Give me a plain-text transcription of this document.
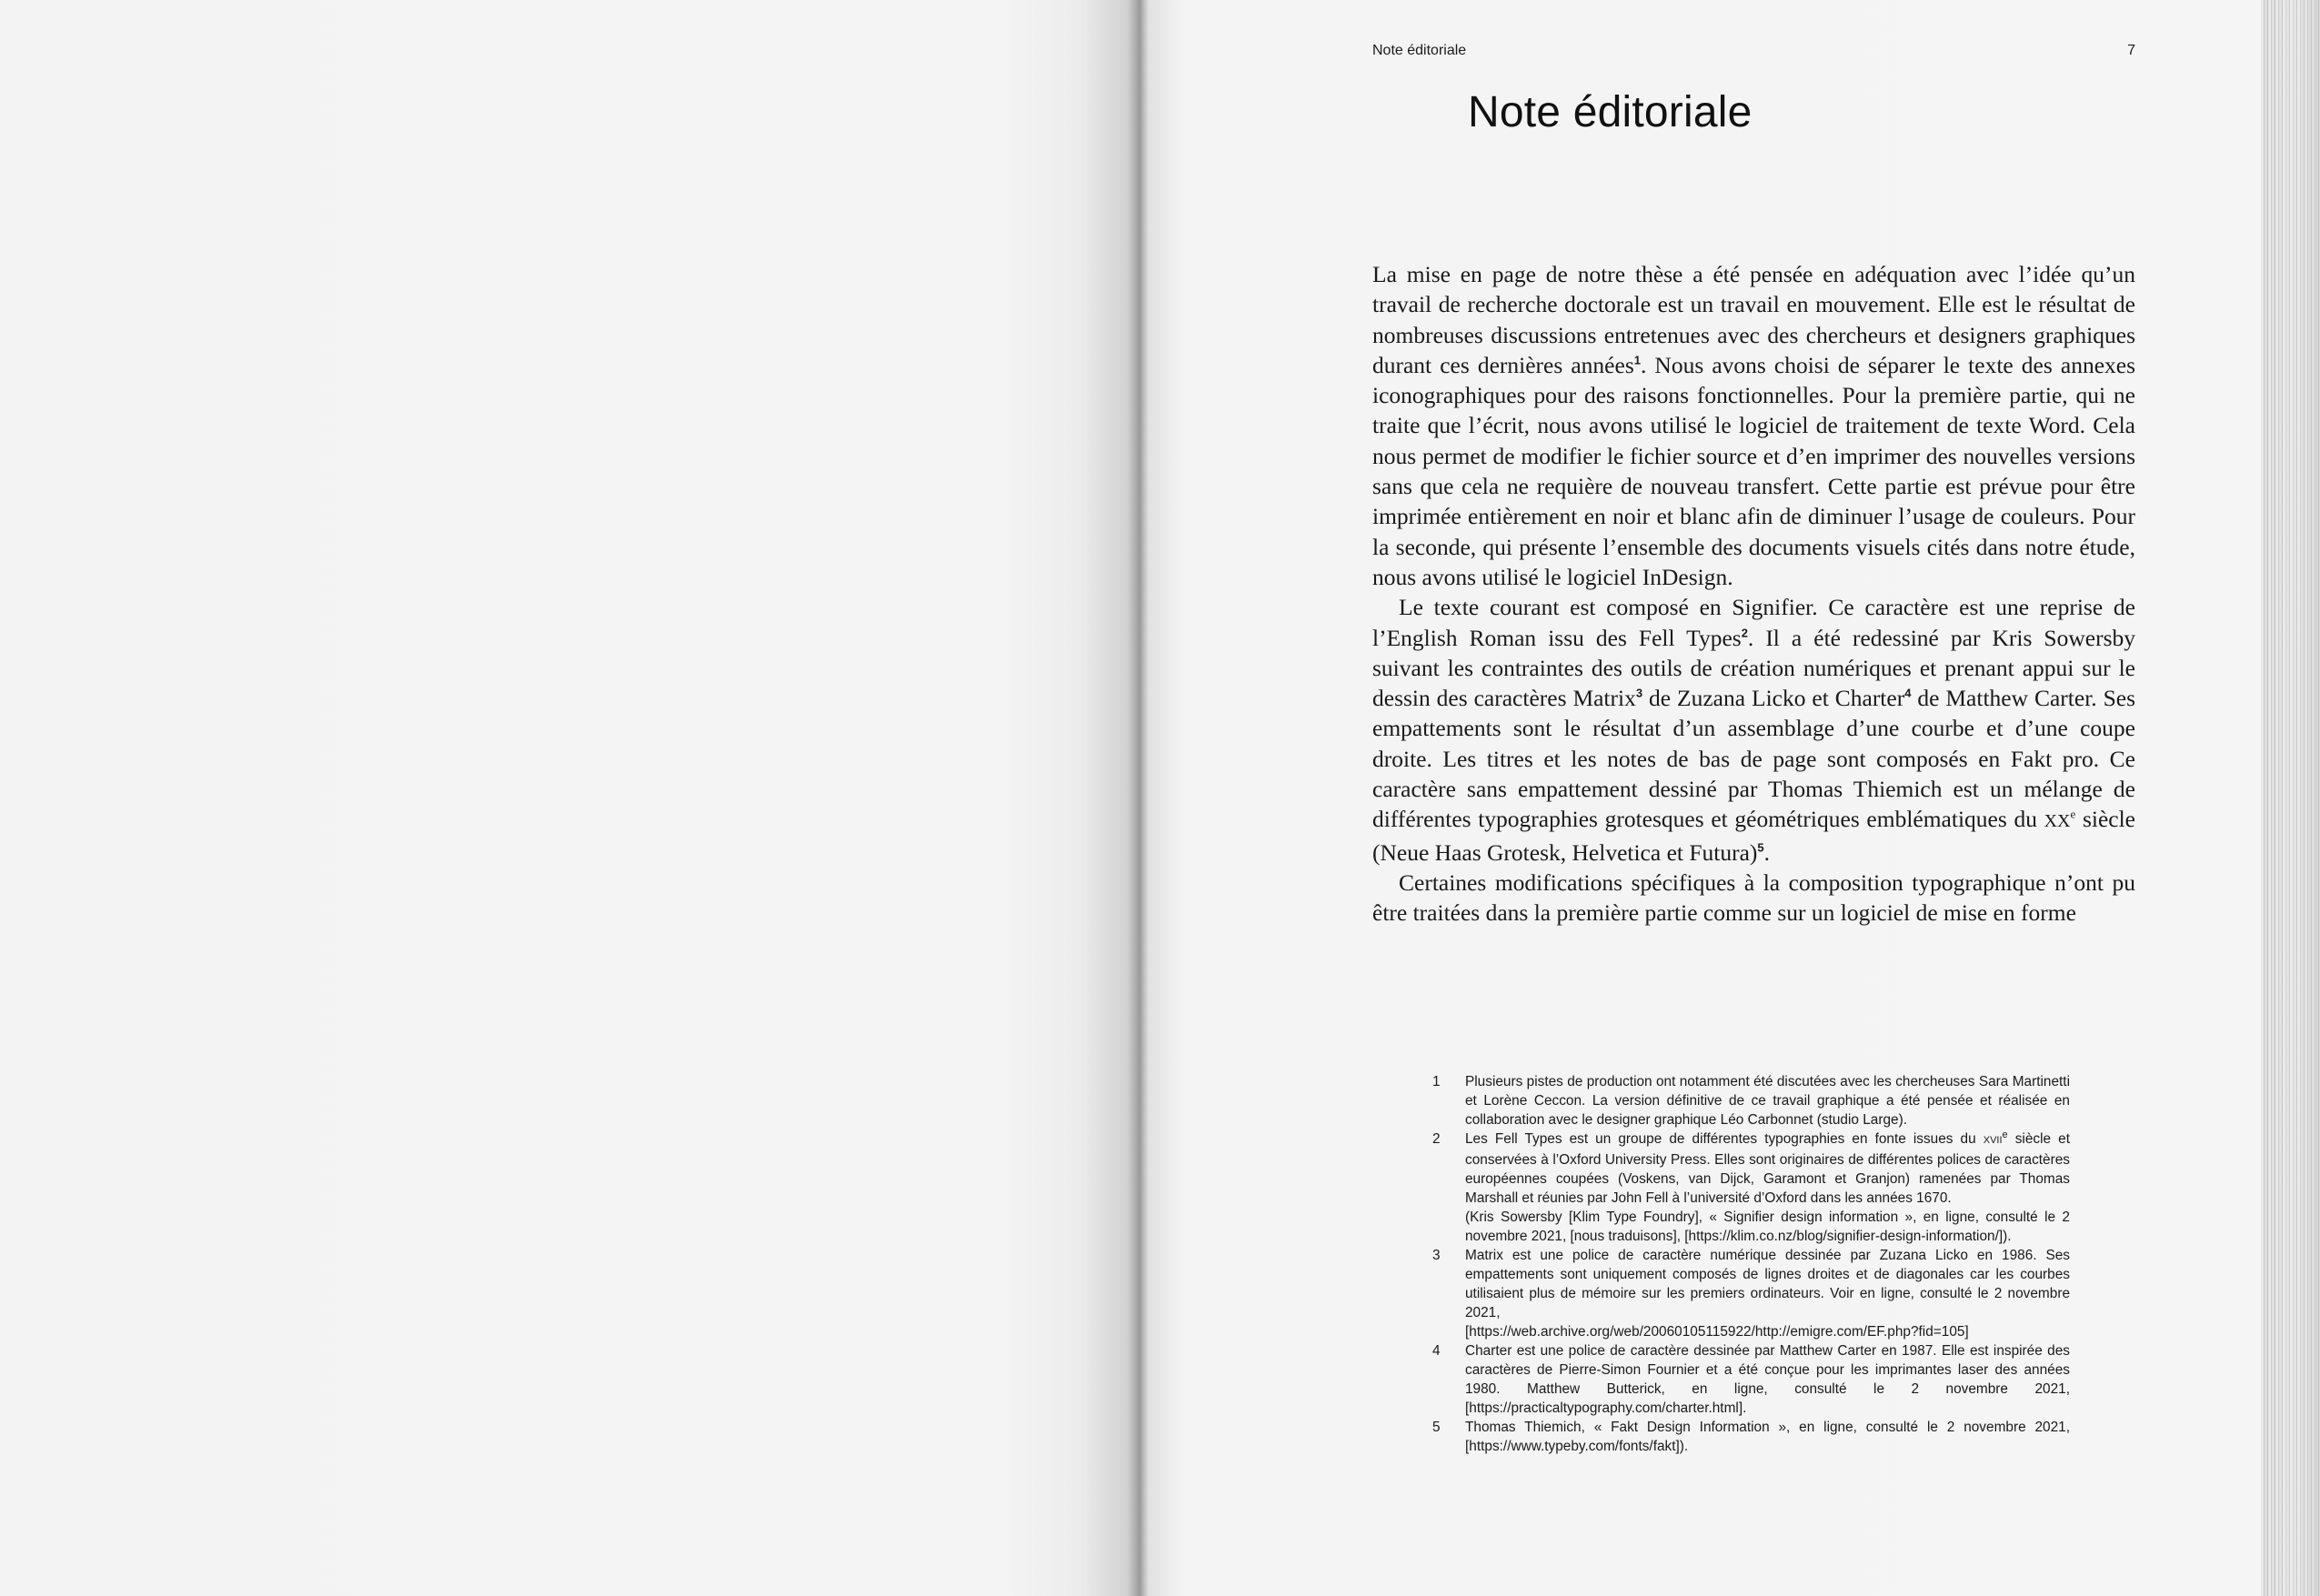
Note éditoriale	7
Note éditoriale

La mise en page de notre thèse a été pensée en adéquation avec l’idée qu’un travail de recherche doctorale est un travail en mouvement. Elle est le résultat de nombreuses discussions entretenues avec des chercheurs et designers graphiques durant ces dernières années$^1$. Nous avons choisi de séparer le texte des annexes iconographiques pour des raisons fonctionnelles. Pour la première partie, qui ne traite que l’écrit, nous avons utilisé le logiciel de traitement de texte Word. Cela nous permet de modifier le fichier source et d’en imprimer des nouvelles versions sans que cela ne requière de nouveau transfert. Cette partie est prévue pour être imprimée entièrement en noir et blanc afin de diminuer l’usage de couleurs. Pour la seconde, qui présente l’ensemble des documents visuels cités dans notre étude, nous avons utilisé le logiciel InDesign.

Le texte courant est composé en Signifier. Ce caractère est une reprise de l’English Roman issu des Fell Types$^2$. Il a été redessiné par Kris Sowersby suivant les contraintes des outils de création numériques et prenant appui sur le dessin des caractères Matrix$^3$ de Zuzana Licko et Charter$^4$ de Matthew Carter. Ses empattements sont le résultat d’un assemblage d’une courbe et d’une coupe droite. Les titres et les notes de bas de page sont composés en Fakt pro. Ce caractère sans empattement dessiné par Thomas Thiemich est un mélange de différentes typographies grotesques et géométriques emblématiques du XXe siècle (Neue Haas Grotesk, Helvetica et Futura)$^5$.

Certaines modifications spécifiques à la composition typographique n’ont pu être traitées dans la première partie comme sur un logiciel de mise en forme

1	Plusieurs pistes de production ont notamment été discutées avec les chercheuses Sara Martinetti et Lorène Ceccon. La version définitive de ce travail graphique a été pensée et réalisée en collaboration avec le designer graphique Léo Carbonnet (studio Large).
2	Les Fell Types est un groupe de différentes typographies en fonte issues du XVIIe siècle et conservées à l’Oxford University Press. Elles sont originaires de différentes polices de caractères européennes coupées (Voskens, van Dijck, Garamont et Granjon) ramenées par Thomas Marshall et réunies par John Fell à l’université d’Oxford dans les années 1670.
(Kris Sowersby [Klim Type Foundry], « Signifier design information », en ligne, consulté le 2 novembre 2021, [nous traduisons], [https://klim.co.nz/blog/signifier-design-information/]).
3	Matrix est une police de caractère numérique dessinée par Zuzana Licko en 1986. Ses empattements sont uniquement composés de lignes droites et de diagonales car les courbes utilisaient plus de mémoire sur les premiers ordinateurs. Voir en ligne, consulté le 2 novembre 2021,
[https://web.archive.org/web/20060105115922/http://emigre.com/EF.php?fid=105]
4	Charter est une police de caractère dessinée par Matthew Carter en 1987. Elle est inspirée des caractères de Pierre-Simon Fournier et a été conçue pour les imprimantes laser des années 1980. Matthew Butterick, en ligne, consulté le 2 novembre 2021, [https://practicaltypography.com/charter.html].
5	Thomas Thiemich, « Fakt Design Information », en ligne, consulté le 2 novembre 2021, [https://www.typeby.com/fonts/fakt]).
